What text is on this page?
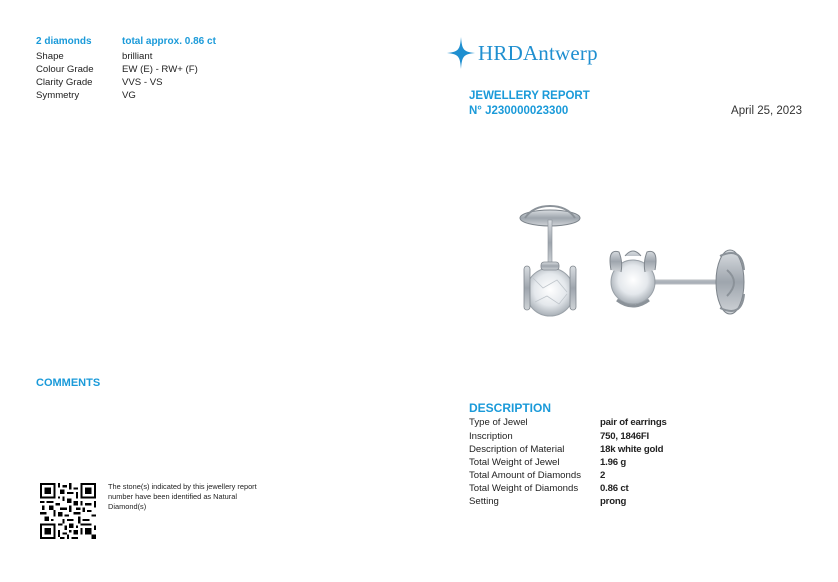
2 diamonds	total approx. 0.86 ct
Shape	brilliant
Colour Grade	EW (E) - RW+ (F)
Clarity Grade	VVS - VS
Symmetry	VG
COMMENTS
The stone(s) indicated by this jewellery report number have been identified as Natural Diamond(s)
HRDAntwerp
JEWELLERY REPORT
N° J230000023300	April 25, 2023
DESCRIPTION
Type of Jewel	pair of earrings
Inscription	750, 1846FI
Description of Material	18k white gold
Total Weight of Jewel	1.96 g
Total Amount of Diamonds 2
Total Weight of Diamonds 0.86 ct
Setting	prong
